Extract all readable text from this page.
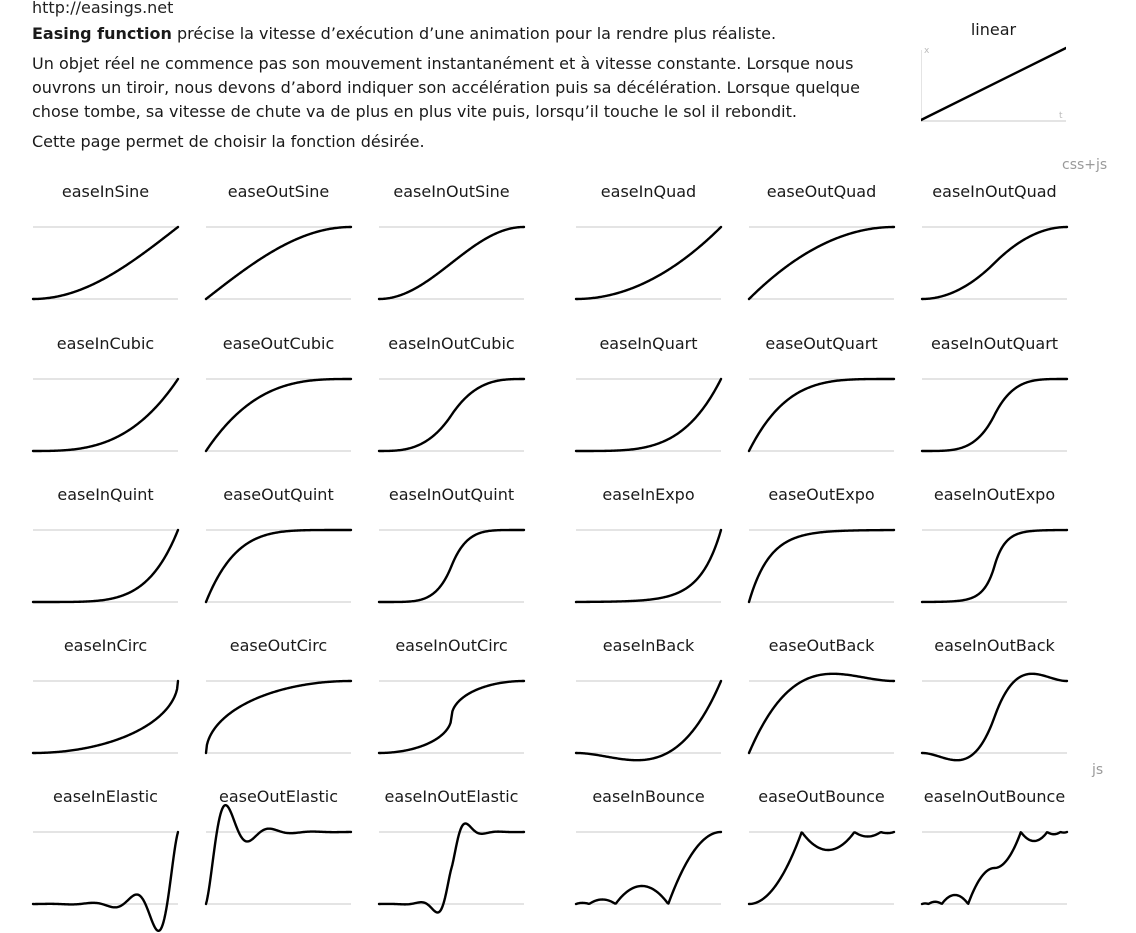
http://easings.net

Easing function précise la vitesse d’exécution d’une animation pour la rendre plus réaliste.

Un objet réel ne commence pas son mouvement instantanément et à vitesse constante. Lorsque nous ouvrons un tiroir, nous devons d’abord indiquer son accélération puis sa décélération. Lorsque quelque chose tombe, sa vitesse de chute va de plus en plus vite puis, lorsqu’il touche le sol il rebondit.

Cette page permet de choisir la fonction désirée.

linear
x
t
css+js
js
easeInSine	easeOutSine	easeInOutSine	easeInQuad	easeOutQuad	easeInOutQuad
easeInCubic	easeOutCubic	easeInOutCubic	easeInQuart	easeOutQuart	easeInOutQuart
easeInQuint	easeOutQuint	easeInOutQuint	easeInExpo	easeOutExpo	easeInOutExpo
easeInCirc	easeOutCirc	easeInOutCirc	easeInBack	easeOutBack	easeInOutBack
easeInElastic	easeOutElastic	easeInOutElastic	easeInBounce	easeOutBounce	easeInOutBounce
